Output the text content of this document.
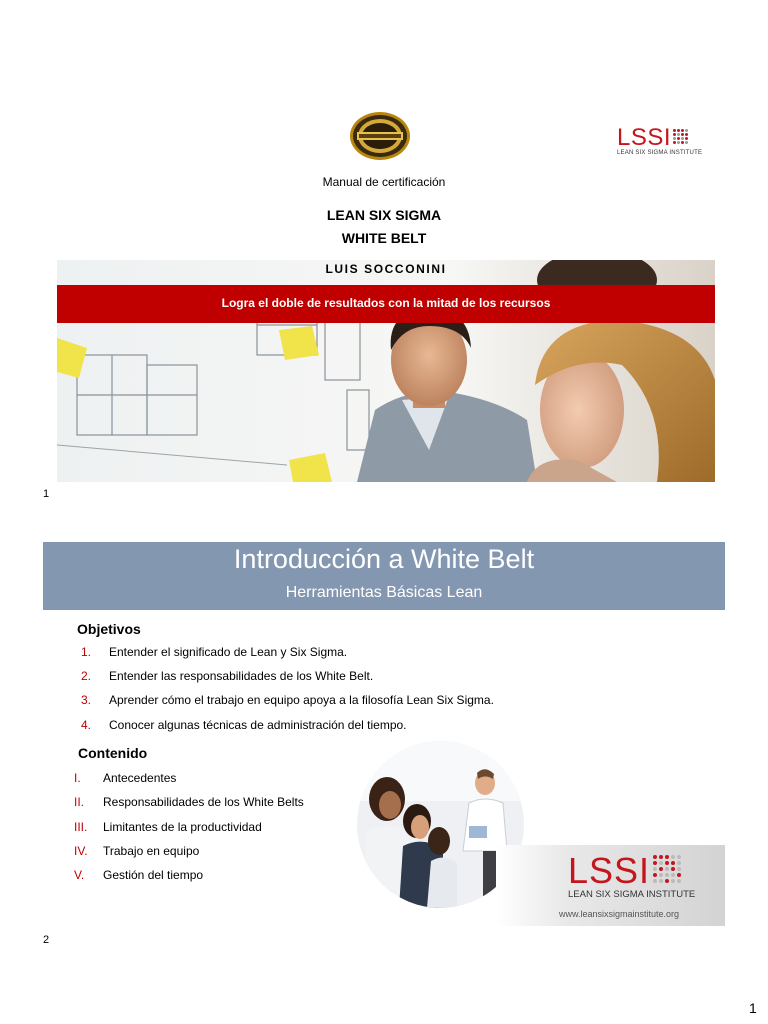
LSSI
LEAN SIX SIGMA INSTITUTE
Manual de certificación
LEAN SIX SIGMA
WHITE BELT
LUIS SOCCONINI
Logra el doble de resultados con la mitad de los recursos
1
Introducción a White Belt
Herramientas Básicas Lean
Objetivos
1. Entender el significado de Lean y Six Sigma.
2. Entender las responsabilidades de los White Belt.
3. Aprender cómo el trabajo en equipo apoya a la filosofía Lean Six Sigma.
4. Conocer algunas técnicas de administración del tiempo.
Contenido
I. Antecedentes
II. Responsabilidades de los White Belts
III. Limitantes de la productividad
IV. Trabajo en equipo
V. Gestión del tiempo	LSSI
LEAN SIX SIGMA INSTITUTE
www.leansixsigmainstitute.org
2
1
